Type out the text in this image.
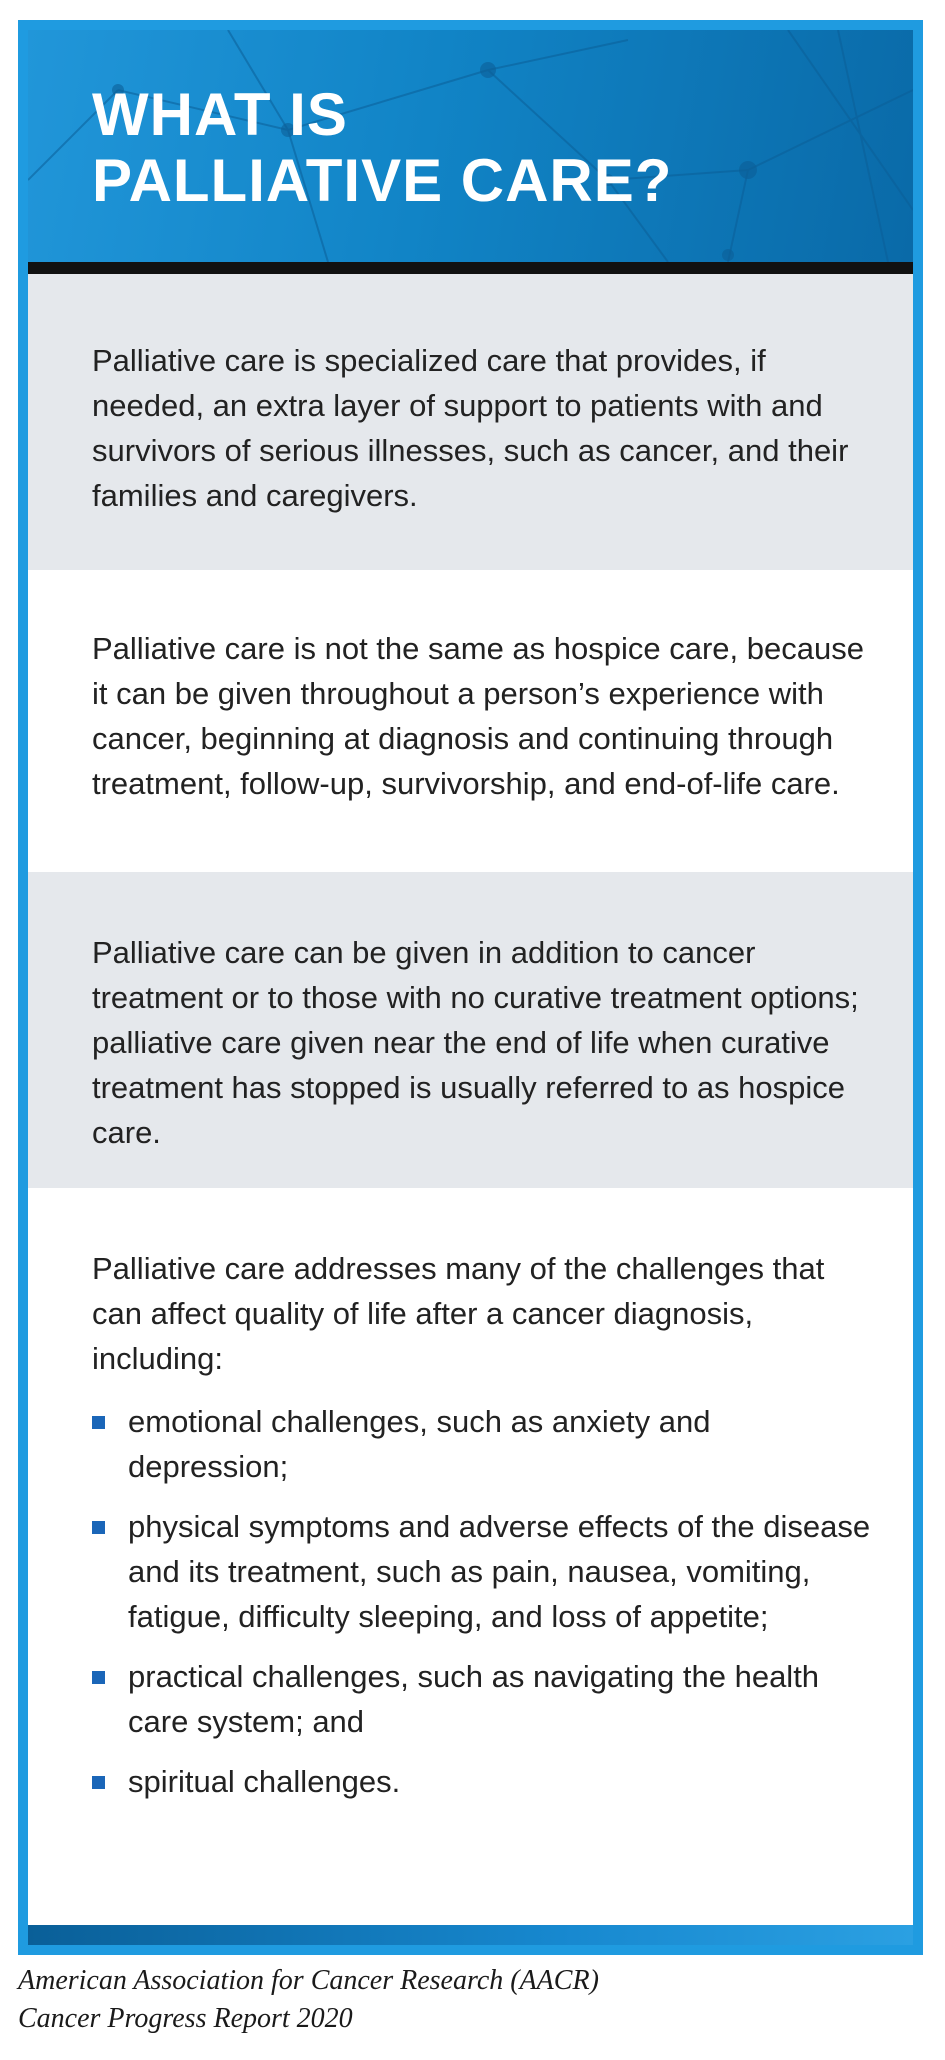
WHAT IS
PALLIATIVE CARE?

Palliative care is specialized care that provides, if needed, an extra layer of support to patients with and survivors of serious illnesses, such as cancer, and their families and caregivers.

Palliative care is not the same as hospice care, because it can be given throughout a person’s experience with cancer, beginning at diagnosis and continuing through treatment, follow-up, survivorship, and end-of-life care.

Palliative care can be given in addition to cancer treatment or to those with no curative treatment options; palliative care given near the end of life when curative treatment has stopped is usually referred to as hospice care.

Palliative care addresses many of the challenges that can affect quality of life after a cancer diagnosis, including:

emotional challenges, such as anxiety and depression;
physical symptoms and adverse effects of the disease and its treatment, such as pain, nausea, vomiting, fatigue, difficulty sleeping, and loss of appetite;
practical challenges, such as navigating the health care system; and
spiritual challenges.
American Association for Cancer Research (AACR)
Cancer Progress Report 2020
